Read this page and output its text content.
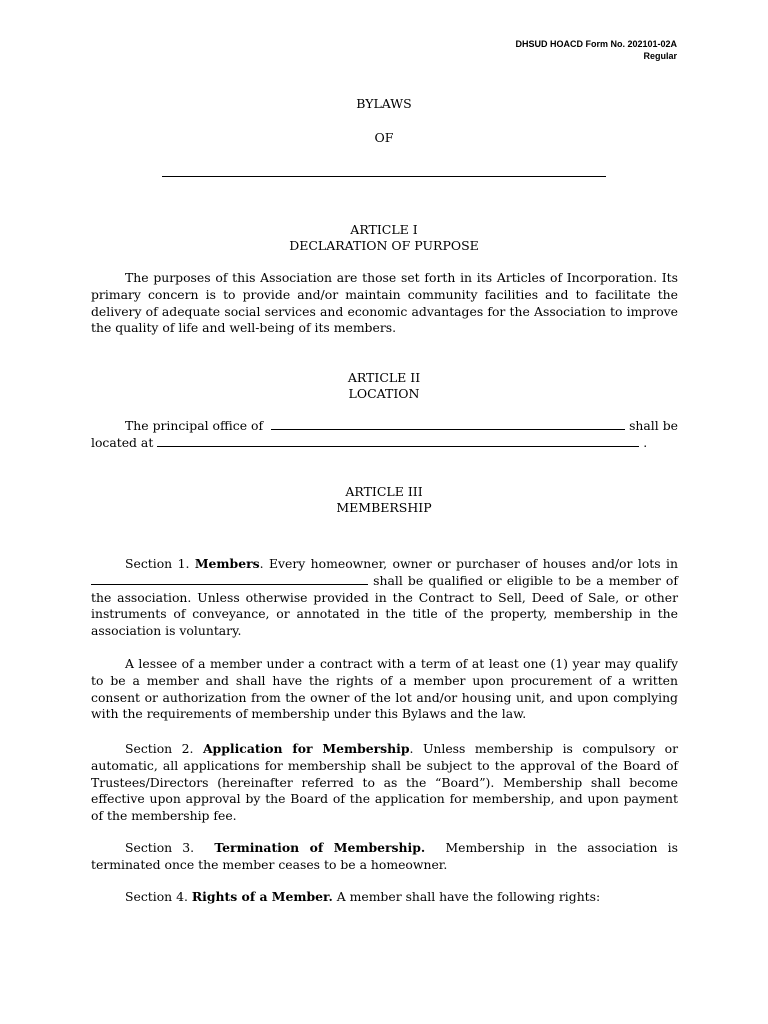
DHSUD HOACD Form No. 202101-02A
Regular
BYLAWS
OF
ARTICLE I
DECLARATION OF PURPOSE

The purposes of this Association are those set forth in its Articles of Incorporation. Its primary concern is to provide and/or maintain community facilities and to facilitate the delivery of adequate social services and economic advantages for the Association to improve the quality of life and well-being of its members.

ARTICLE II
LOCATION

The principal office of	shall be located at	.

ARTICLE III
MEMBERSHIP

Section 1. Members. Every homeowner, owner or purchaser of houses and/or lots in  shall be qualified or eligible to be a member of the association. Unless otherwise provided in the Contract to Sell, Deed of Sale, or other instruments of conveyance, or annotated in the title of the property, membership in the association is voluntary.

A lessee of a member under a contract with a term of at least one (1) year may qualify to be a member and shall have the rights of a member upon procurement of a written consent or authorization from the owner of the lot and/or housing unit, and upon complying with the requirements of membership under this Bylaws and the law.

Section 2. Application for Membership. Unless membership is compulsory or automatic, all applications for membership shall be subject to the approval of the Board of Trustees/Directors (hereinafter referred to as the “Board”). Membership shall become effective upon approval by the Board of the application for membership, and upon payment of the membership fee.

Section 3. Termination of Membership. Membership in the association is terminated once the member ceases to be a homeowner.

Section 4. Rights of a Member. A member shall have the following rights:
